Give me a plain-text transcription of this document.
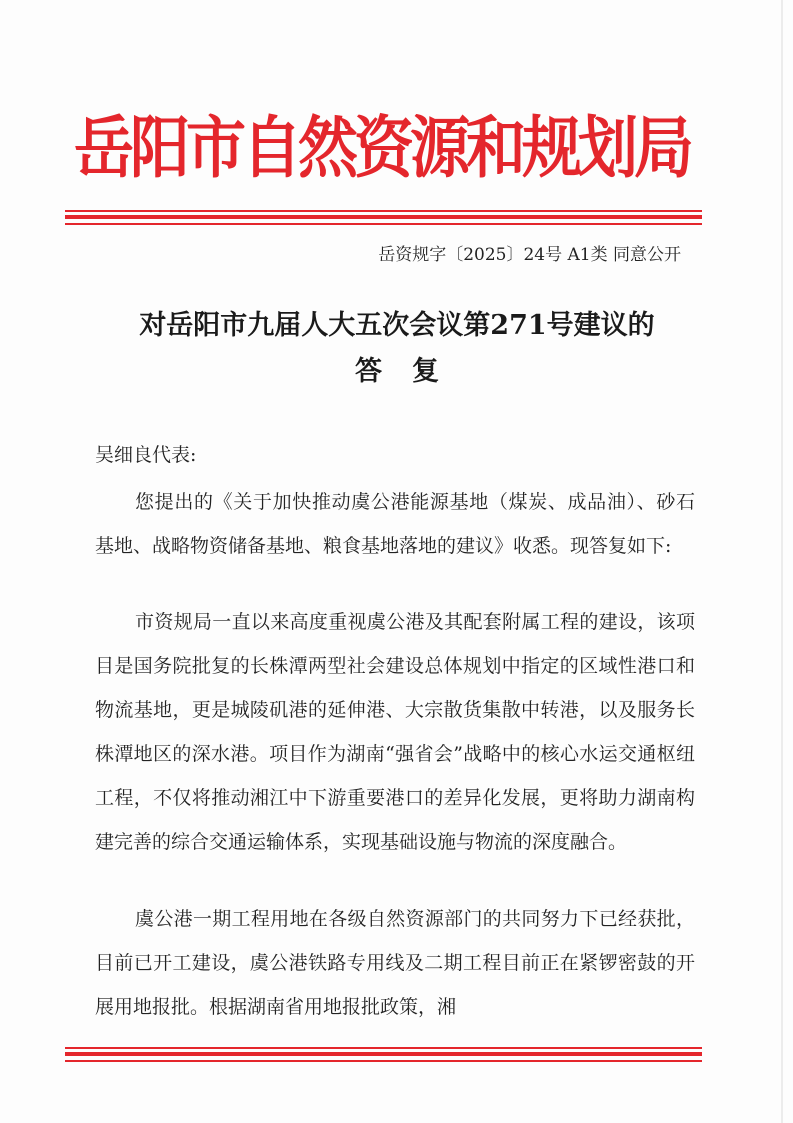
岳阳市自然资源和规划局
岳资规字〔2025〕24号 A1类 同意公开
对岳阳市九届人大五次会议第271号建议的
答复
吴细良代表:

您提出的《关于加快推动虞公港能源基地（煤炭、成品油）、砂石基地、战略物资储备基地、粮食基地落地的建议》收悉。现答复如下:

市资规局一直以来高度重视虞公港及其配套附属工程的建设，该项目是国务院批复的长株潭两型社会建设总体规划中指定的区域性港口和物流基地，更是城陵矶港的延伸港、大宗散货集散中转港，以及服务长株潭地区的深水港。项目作为湖南“强省会”战略中的核心水运交通枢纽工程，不仅将推动湘江中下游重要港口的差异化发展，更将助力湖南构建完善的综合交通运输体系，实现基础设施与物流的深度融合。

虞公港一期工程用地在各级自然资源部门的共同努力下已经获批，目前已开工建设，虞公港铁路专用线及二期工程目前正在紧锣密鼓的开展用地报批。根据湖南省用地报批政策，湘
